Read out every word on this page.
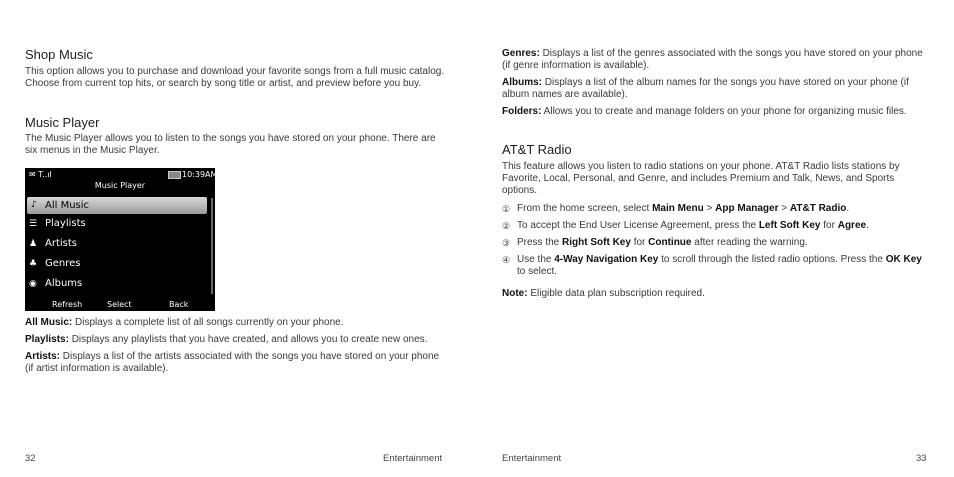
Shop Music

This option allows you to purchase and download your favorite songs from a full music catalog. Choose from current top hits, or search by song title or artist, and preview before you buy.

Music Player

The Music Player allows you to listen to the songs you have stored on your phone. There are six menus in the Music Player.

All Music: Displays a complete list of all songs currently on your phone.

Playlists: Displays any playlists that you have created, and allows you to create new ones.

Artists: Displays a list of the artists associated with the songs you have stored on your phone (if artist information is available).

✉ T..ıl	10:39AM
Music Player
♪ All Music
☰ Playlists
♟ Artists
♣ Genres
◉ Albums
Refresh	Select	Back

Genres: Displays a list of the genres associated with the songs you have stored on your phone (if genre information is available).

Albums: Displays a list of the album names for the songs you have stored on your phone (if album names are available).

Folders: Allows you to create and manage folders on your phone for organizing music files.

AT&T Radio

This feature allows you listen to radio stations on your phone. AT&T Radio lists stations by Favorite, Local, Personal, and Genre, and includes Premium and Talk, News, and Sports options.

① From the home screen, select Main Menu > App Manager > AT&T Radio.
② To accept the End User License Agreement, press the Left Soft Key for Agree.
③ Press the Right Soft Key for Continue after reading the warning.
④ Use the 4-Way Navigation Key to scroll through the listed radio options. Press the OK Key to select.

Note: Eligible data plan subscription required.

32	Entertainment	Entertainment	33
